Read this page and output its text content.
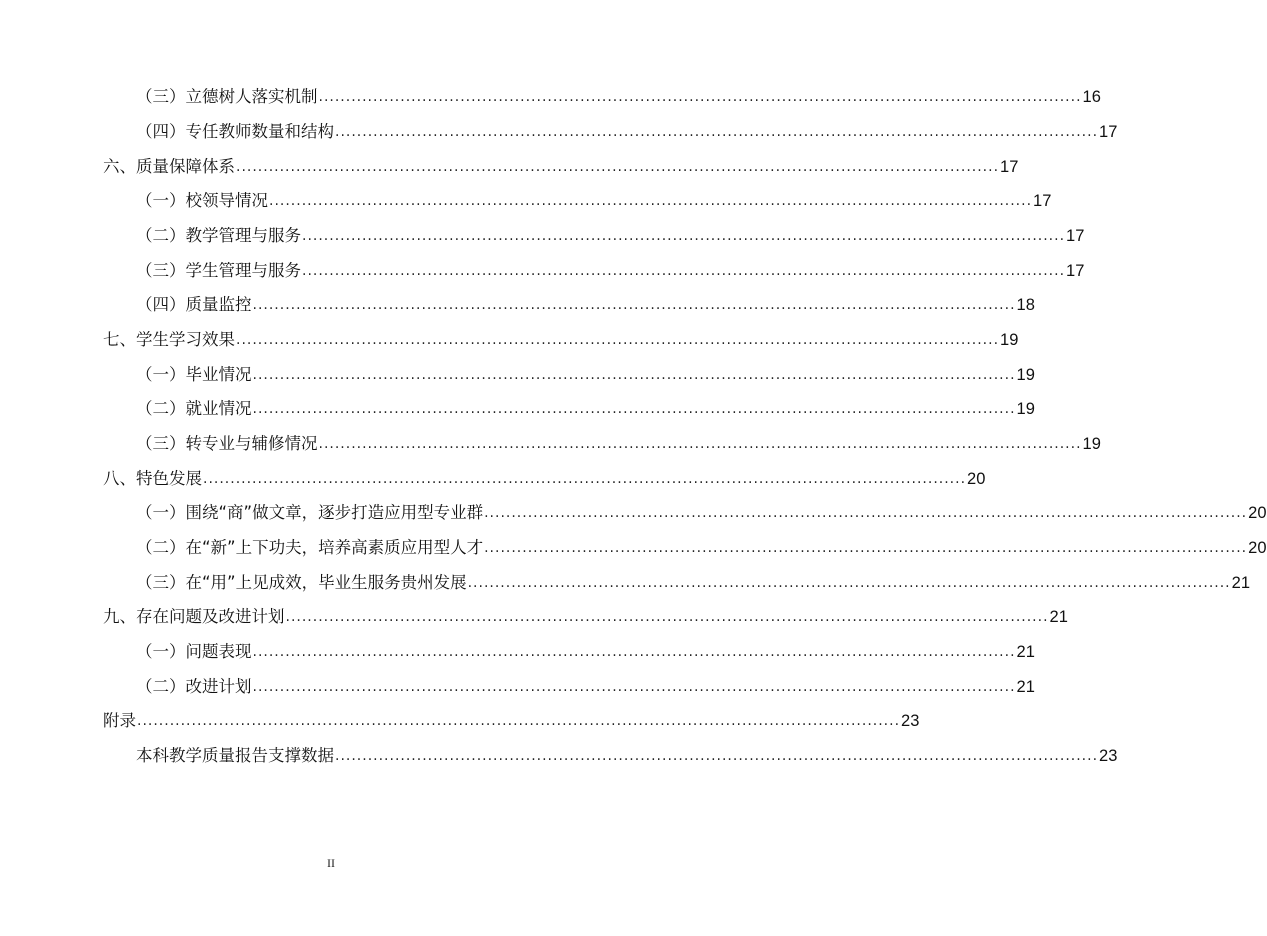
（三）立德树人落实机制 ............................................................................................................................................ 16
（四）专任教师数量和结构 ............................................................................................................................................ 17
六、质量保障体系 ............................................................................................................................................ 17
（一）校领导情况 ............................................................................................................................................ 17
（二）教学管理与服务 ............................................................................................................................................ 17
（三）学生管理与服务 ............................................................................................................................................ 17
（四）质量监控 ............................................................................................................................................ 18
七、学生学习效果 ............................................................................................................................................ 19
（一）毕业情况 ............................................................................................................................................ 19
（二）就业情况 ............................................................................................................................................ 19
（三）转专业与辅修情况 ............................................................................................................................................ 19
八、特色发展 ............................................................................................................................................ 20
（一）围绕“商”做文章，逐步打造应用型专业群 ............................................................................................................................................ 20
（二）在“新”上下功夫，培养高素质应用型人才 ............................................................................................................................................ 20
（三）在“用”上见成效，毕业生服务贵州发展 ............................................................................................................................................ 21
九、存在问题及改进计划 ............................................................................................................................................ 21
（一）问题表现 ............................................................................................................................................ 21
（二）改进计划 ............................................................................................................................................ 21
附录 ............................................................................................................................................ 23
本科教学质量报告支撑数据 ............................................................................................................................................ 23
II
